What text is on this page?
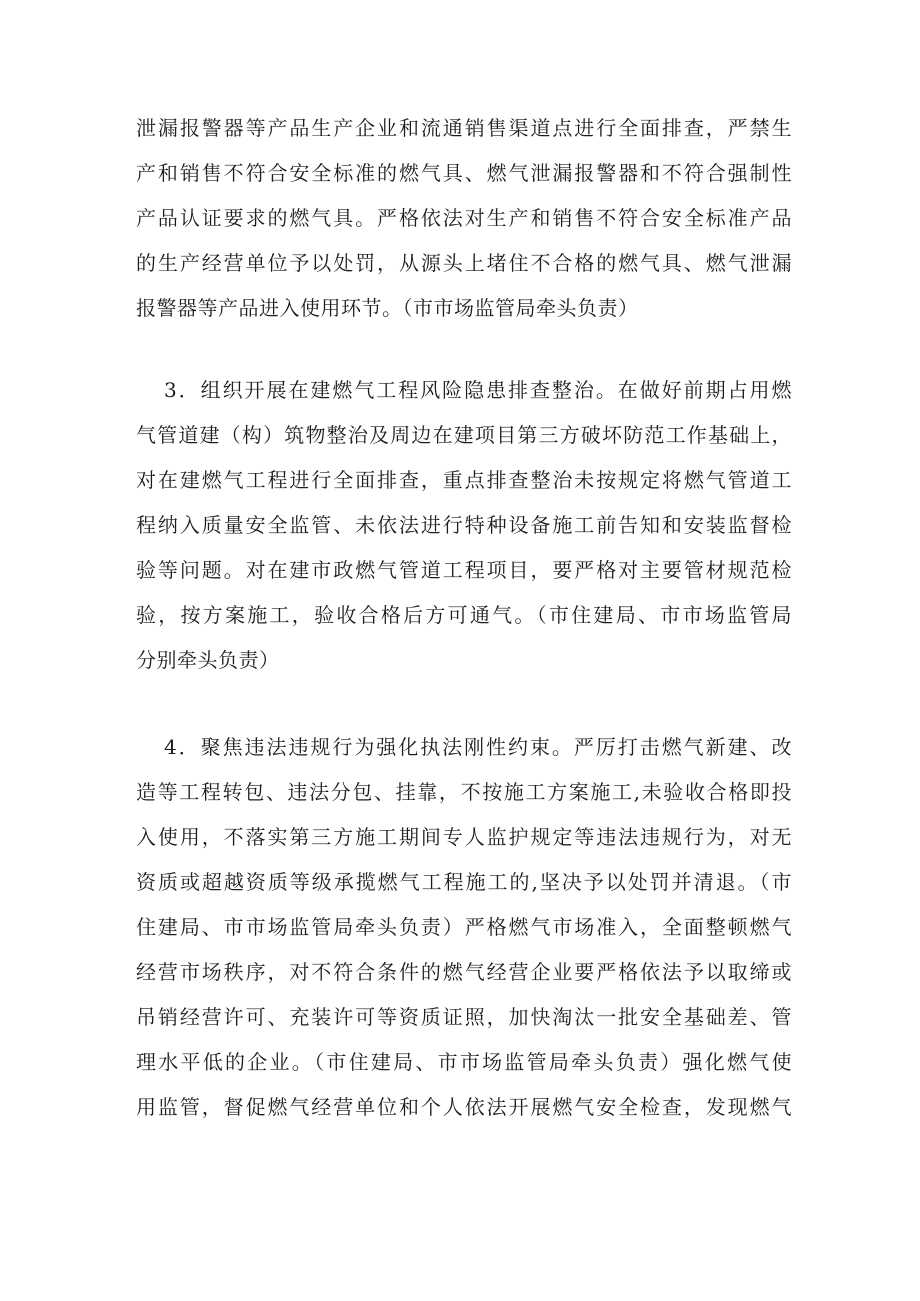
泄漏报警器等产品生产企业和流通销售渠道点进行全面排查，严禁生
产和销售不符合安全标准的燃气具、燃气泄漏报警器和不符合强制性
产品认证要求的燃气具。严格依法对生产和销售不符合安全标准产品
的生产经营单位予以处罚，从源头上堵住不合格的燃气具、燃气泄漏
报警器等产品进入使用环节。（市市场监管局牵头负责）
3．组织开展在建燃气工程风险隐患排查整治。在做好前期占用燃
气管道建（构）筑物整治及周边在建项目第三方破坏防范工作基础上，
对在建燃气工程进行全面排查，重点排查整治未按规定将燃气管道工
程纳入质量安全监管、未依法进行特种设备施工前告知和安装监督检
验等问题。对在建市政燃气管道工程项目，要严格对主要管材规范检
验，按方案施工，验收合格后方可通气。（市住建局、市市场监管局
分别牵头负责）
4．聚焦违法违规行为强化执法刚性约束。严厉打击燃气新建、改
造等工程转包、违法分包、挂靠，不按施工方案施工,未验收合格即投
入使用，不落实第三方施工期间专人监护规定等违法违规行为，对无
资质或超越资质等级承揽燃气工程施工的,坚决予以处罚并清退。（市
住建局、市市场监管局牵头负责）严格燃气市场准入，全面整顿燃气
经营市场秩序，对不符合条件的燃气经营企业要严格依法予以取缔或
吊销经营许可、充装许可等资质证照，加快淘汰一批安全基础差、管
理水平低的企业。（市住建局、市市场监管局牵头负责）强化燃气使
用监管，督促燃气经营单位和个人依法开展燃气安全检查，发现燃气
